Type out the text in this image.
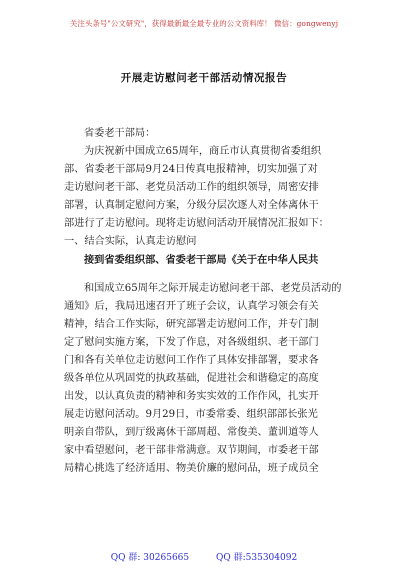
关注头条号"公文研究"，获得最新最全最专业的公文资料库！ 微信：gongwenyj
开展走访慰问老干部活动情况报告
省委老干部局：
为庆祝新中国成立65周年，商丘市认真贯彻省委组织
部、省委老干部局9月24日传真电报精神，切实加强了对
走访慰问老干部、老党员活动工作的组织领导，周密安排
部署，认真制定慰问方案，分级分层次逐人对全体离休干
部进行了走访慰问。现将走访慰问活动开展情况汇报如下：
一、结合实际，认真走访慰问
接到省委组织部、省委老干部局《关于在中华人民共
和国成立65周年之际开展走访慰问老干部、老党员活动的
通知》后，我局迅速召开了班子会议，认真学习领会有关
精神，结合工作实际，研究部署走访慰问工作，并专门制
定了慰问实施方案，下发了作息，对各级组织、老干部门
门和各有关单位走访慰问工作作了具体安排部署，要求各
级各单位从巩固党的执政基础，促进社会和谐稳定的高度
出发，以认真负责的精神和务实实效的工作作风，扎实开
展走访慰问活动。9月29日，市委常委、组织部部长张光
明亲自带队，到厅级离休干部周超、常俊美、董训道等人
家中看望慰问，老干部非常满意。双节期间，市委老干部
局精心挑选了经济适用、物美价廉的慰问品，班子成员全
QQ 群: 30265665	QQ 群:535304092
